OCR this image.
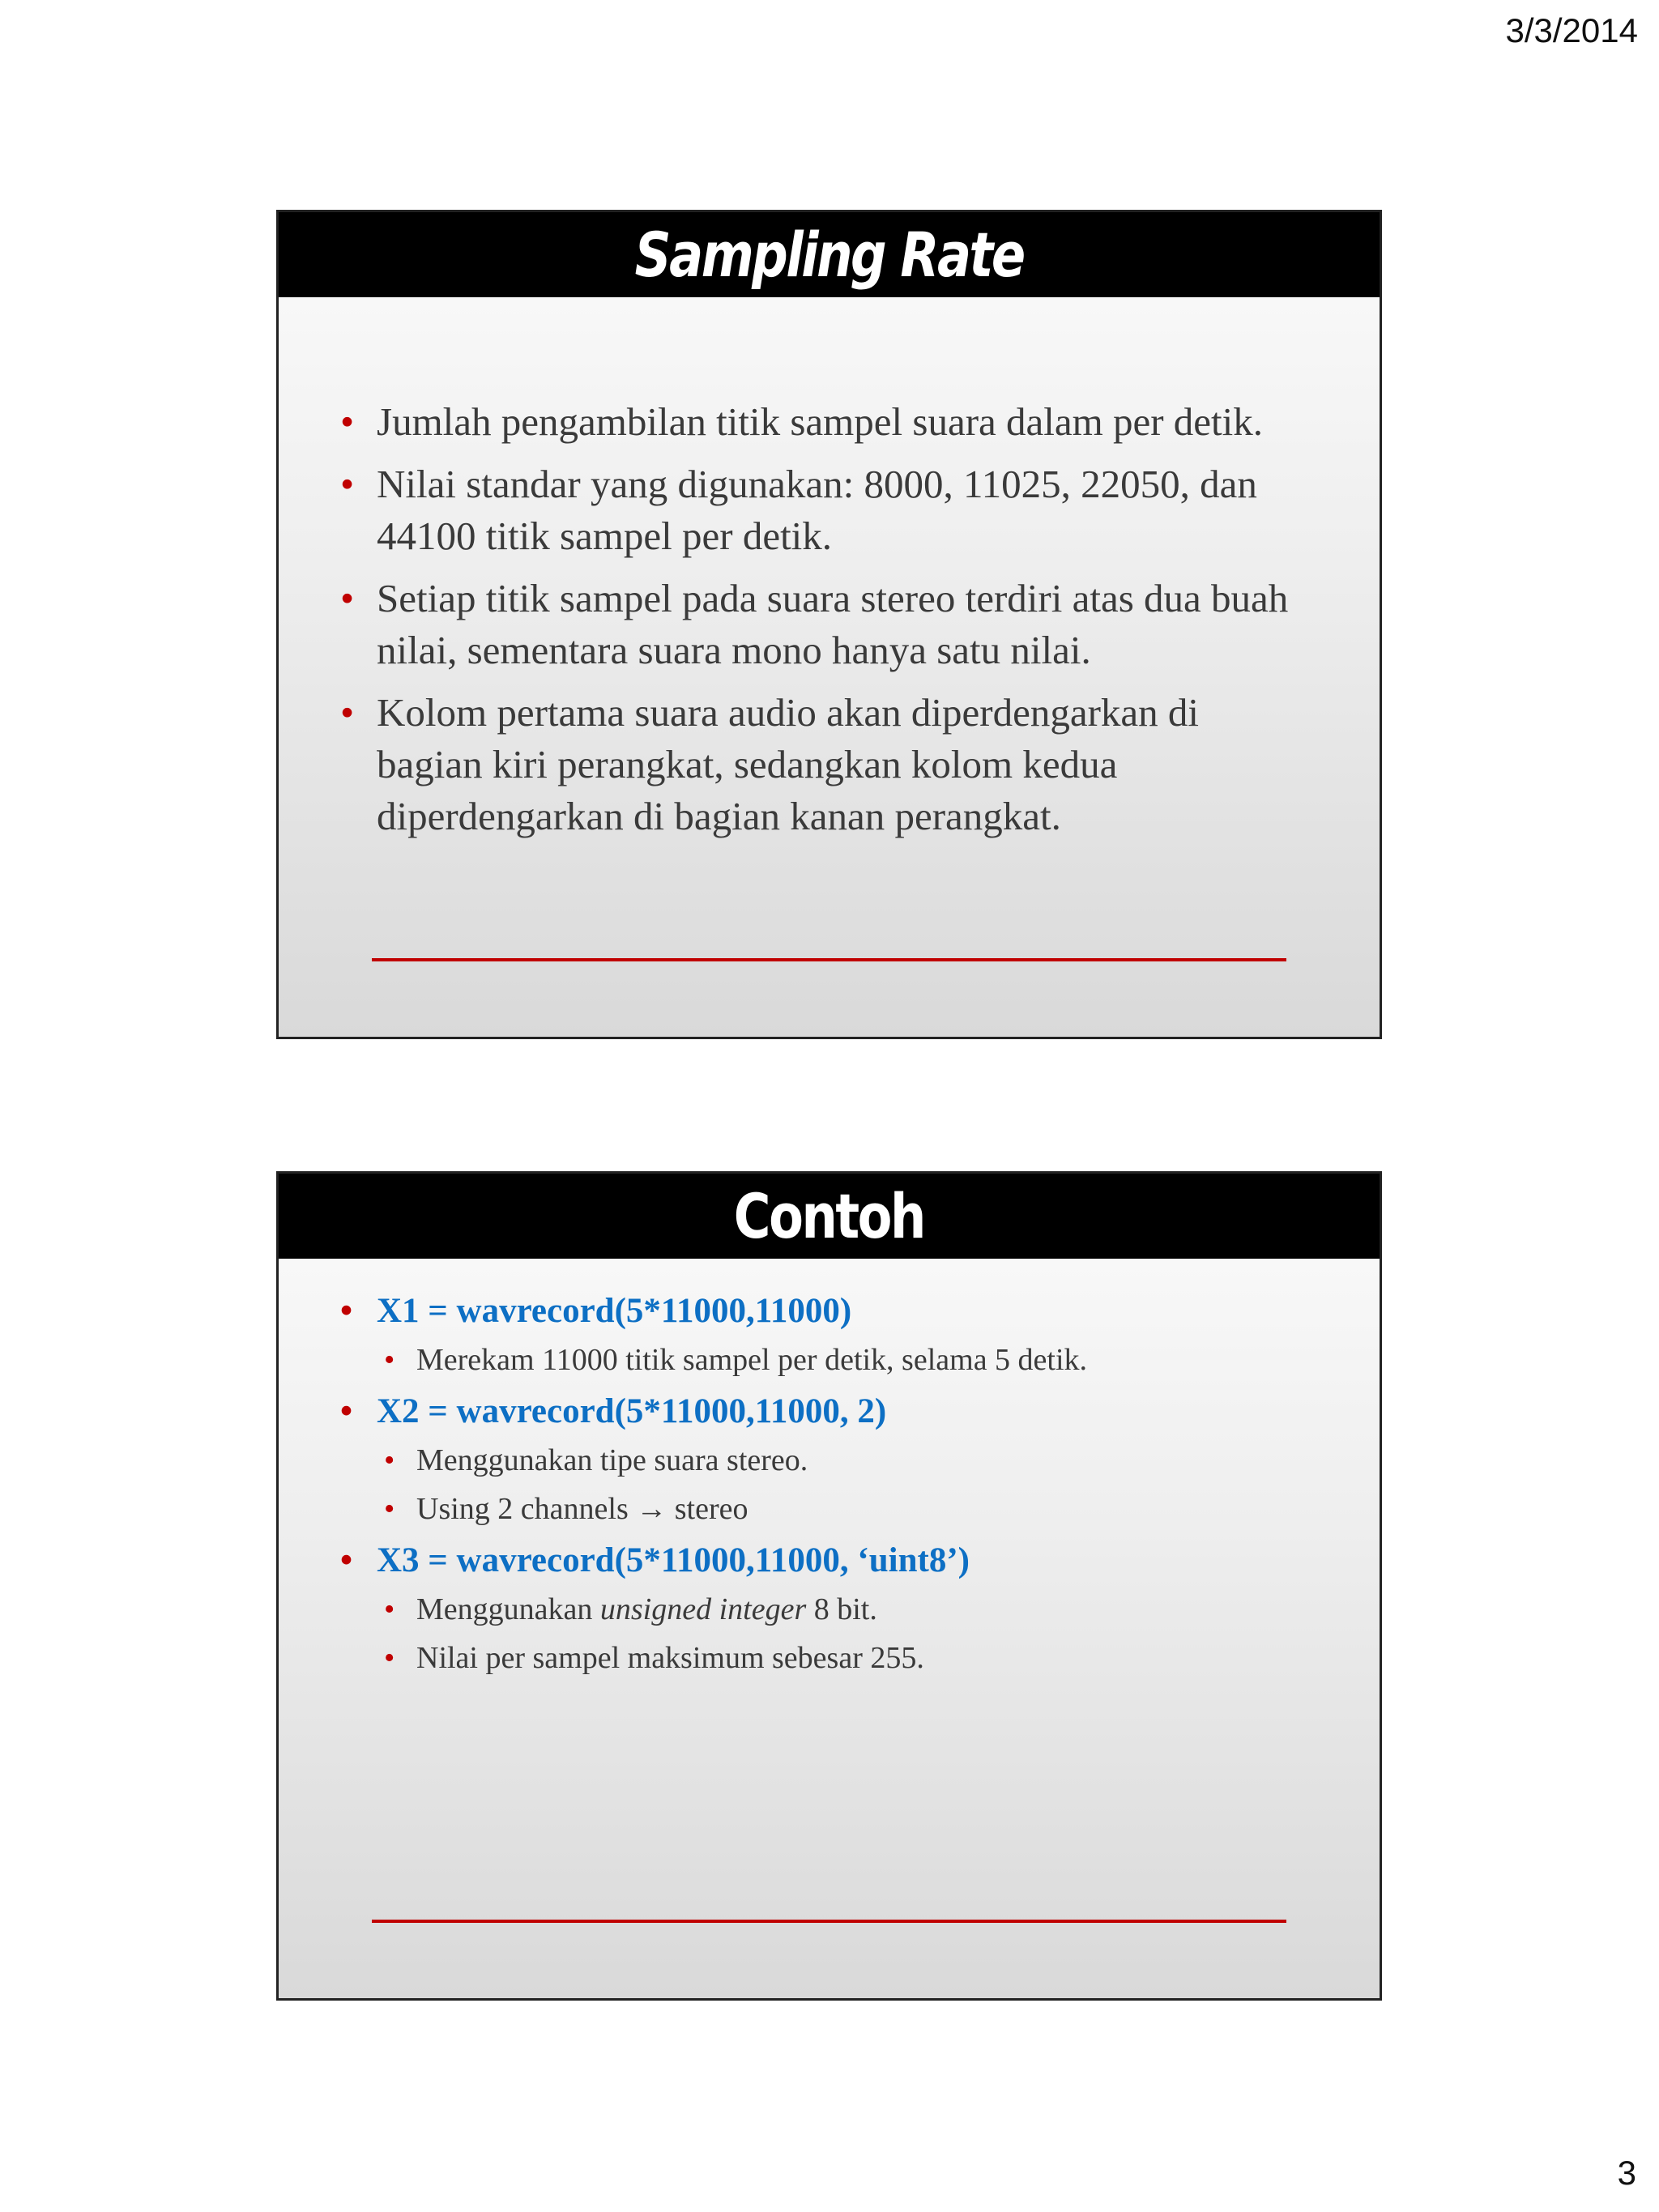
3/3/2014

Sampling Rate
• Jumlah pengambilan titik sampel suara dalam per detik.
• Nilai standar yang digunakan: 8000, 11025, 22050, dan 44100 titik sampel per detik.
• Setiap titik sampel pada suara stereo terdiri atas dua buah nilai, sementara suara mono hanya satu nilai.
• Kolom pertama suara audio akan diperdengarkan di bagian kiri perangkat, sedangkan kolom kedua diperdengarkan di bagian kanan perangkat.
Contoh
• X1 = wavrecord(5*11000,11000)
• Merekam 11000 titik sampel per detik, selama 5 detik.
• X2 = wavrecord(5*11000,11000, 2)
• Menggunakan tipe suara stereo.
• Using 2 channels → stereo
• X3 = wavrecord(5*11000,11000, ‘uint8’)
• Menggunakan unsigned integer 8 bit.
• Nilai per sampel maksimum sebesar 255.

3
